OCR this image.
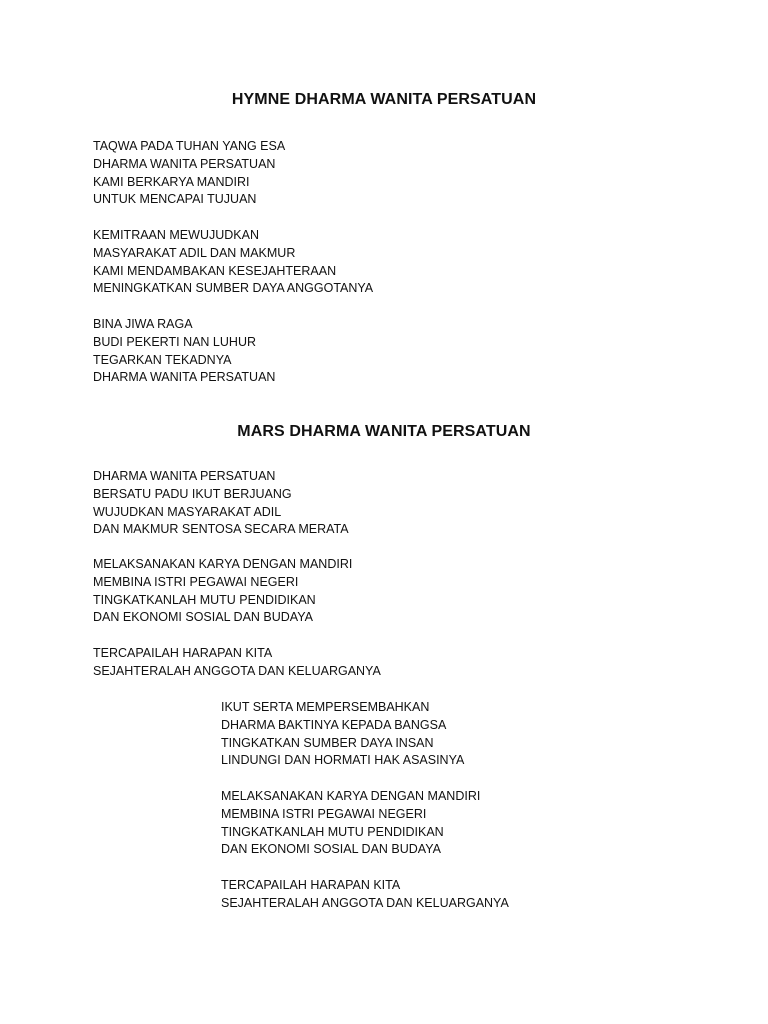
HYMNE DHARMA WANITA PERSATUAN
TAQWA PADA TUHAN YANG ESA
DHARMA WANITA PERSATUAN
KAMI BERKARYA MANDIRI
UNTUK MENCAPAI TUJUAN
KEMITRAAN MEWUJUDKAN
MASYARAKAT ADIL DAN MAKMUR
KAMI MENDAMBAKAN KESEJAHTERAAN
MENINGKATKAN SUMBER DAYA ANGGOTANYA
BINA JIWA RAGA
BUDI PEKERTI NAN LUHUR
TEGARKAN TEKADNYA
DHARMA WANITA PERSATUAN
MARS DHARMA WANITA PERSATUAN
DHARMA WANITA PERSATUAN
BERSATU PADU IKUT BERJUANG
WUJUDKAN MASYARAKAT ADIL
DAN MAKMUR SENTOSA SECARA MERATA
MELAKSANAKAN KARYA DENGAN MANDIRI
MEMBINA ISTRI PEGAWAI NEGERI
TINGKATKANLAH MUTU PENDIDIKAN
DAN EKONOMI SOSIAL DAN BUDAYA
TERCAPAILAH HARAPAN KITA
SEJAHTERALAH ANGGOTA DAN KELUARGANYA
IKUT SERTA MEMPERSEMBAHKAN
DHARMA BAKTINYA KEPADA BANGSA
TINGKATKAN SUMBER DAYA INSAN
LINDUNGI DAN HORMATI HAK ASASINYA
MELAKSANAKAN KARYA DENGAN MANDIRI
MEMBINA ISTRI PEGAWAI NEGERI
TINGKATKANLAH MUTU PENDIDIKAN
DAN EKONOMI SOSIAL DAN BUDAYA
TERCAPAILAH HARAPAN KITA
SEJAHTERALAH ANGGOTA DAN KELUARGANYA
